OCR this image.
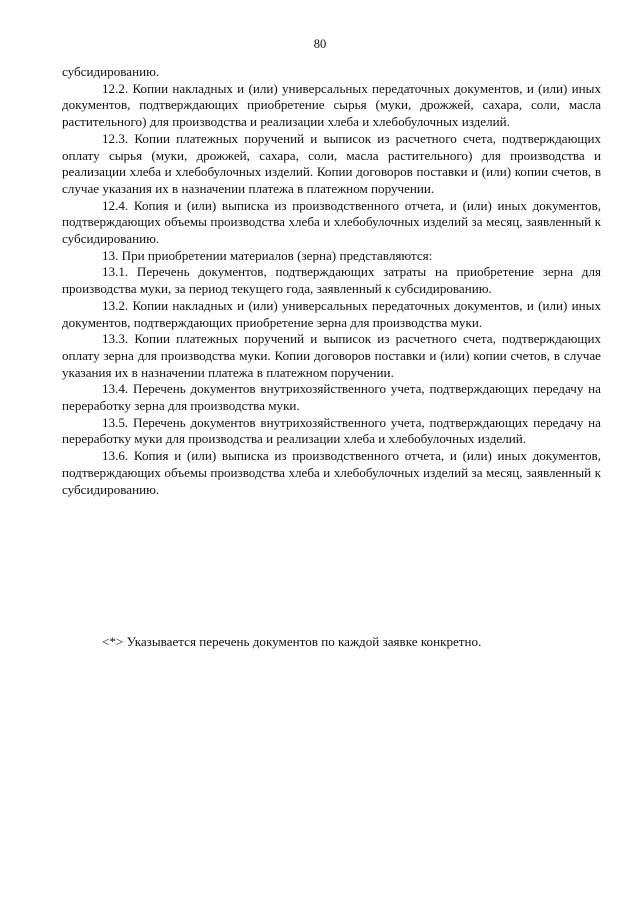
80

субсидированию.

12.2. Копии накладных и (или) универсальных передаточных документов, и (или) иных документов, подтверждающих приобретение сырья (муки, дрожжей, сахара, соли, масла растительного) для производства и реализации хлеба и хлебобулочных изделий.

12.3. Копии платежных поручений и выписок из расчетного счета, подтверждающих оплату сырья (муки, дрожжей, сахара, соли, масла растительного) для производства и реализации хлеба и хлебобулочных изделий. Копии договоров поставки и (или) копии счетов, в случае указания их в назначении платежа в платежном поручении.

12.4. Копия и (или) выписка из производственного отчета, и (или) иных документов, подтверждающих объемы производства хлеба и хлебобулочных изделий за месяц, заявленный к субсидированию.

13. При приобретении материалов (зерна) представляются:

13.1. Перечень документов, подтверждающих затраты на приобретение зерна для производства муки, за период текущего года, заявленный к субсидированию.

13.2. Копии накладных и (или) универсальных передаточных документов, и (или) иных документов, подтверждающих приобретение зерна для производства муки.

13.3. Копии платежных поручений и выписок из расчетного счета, подтверждающих оплату зерна для производства муки. Копии договоров поставки и (или) копии счетов, в случае указания их в назначении платежа в платежном поручении.

13.4. Перечень документов внутрихозяйственного учета, подтверждающих передачу на переработку зерна для производства муки.

13.5. Перечень документов внутрихозяйственного учета, подтверждающих передачу на переработку муки для производства и реализации хлеба и хлебобулочных изделий.

13.6. Копия и (или) выписка из производственного отчета, и (или) иных документов, подтверждающих объемы производства хлеба и хлебобулочных изделий за месяц, заявленный к субсидированию.

<*> Указывается перечень документов по каждой заявке конкретно.
